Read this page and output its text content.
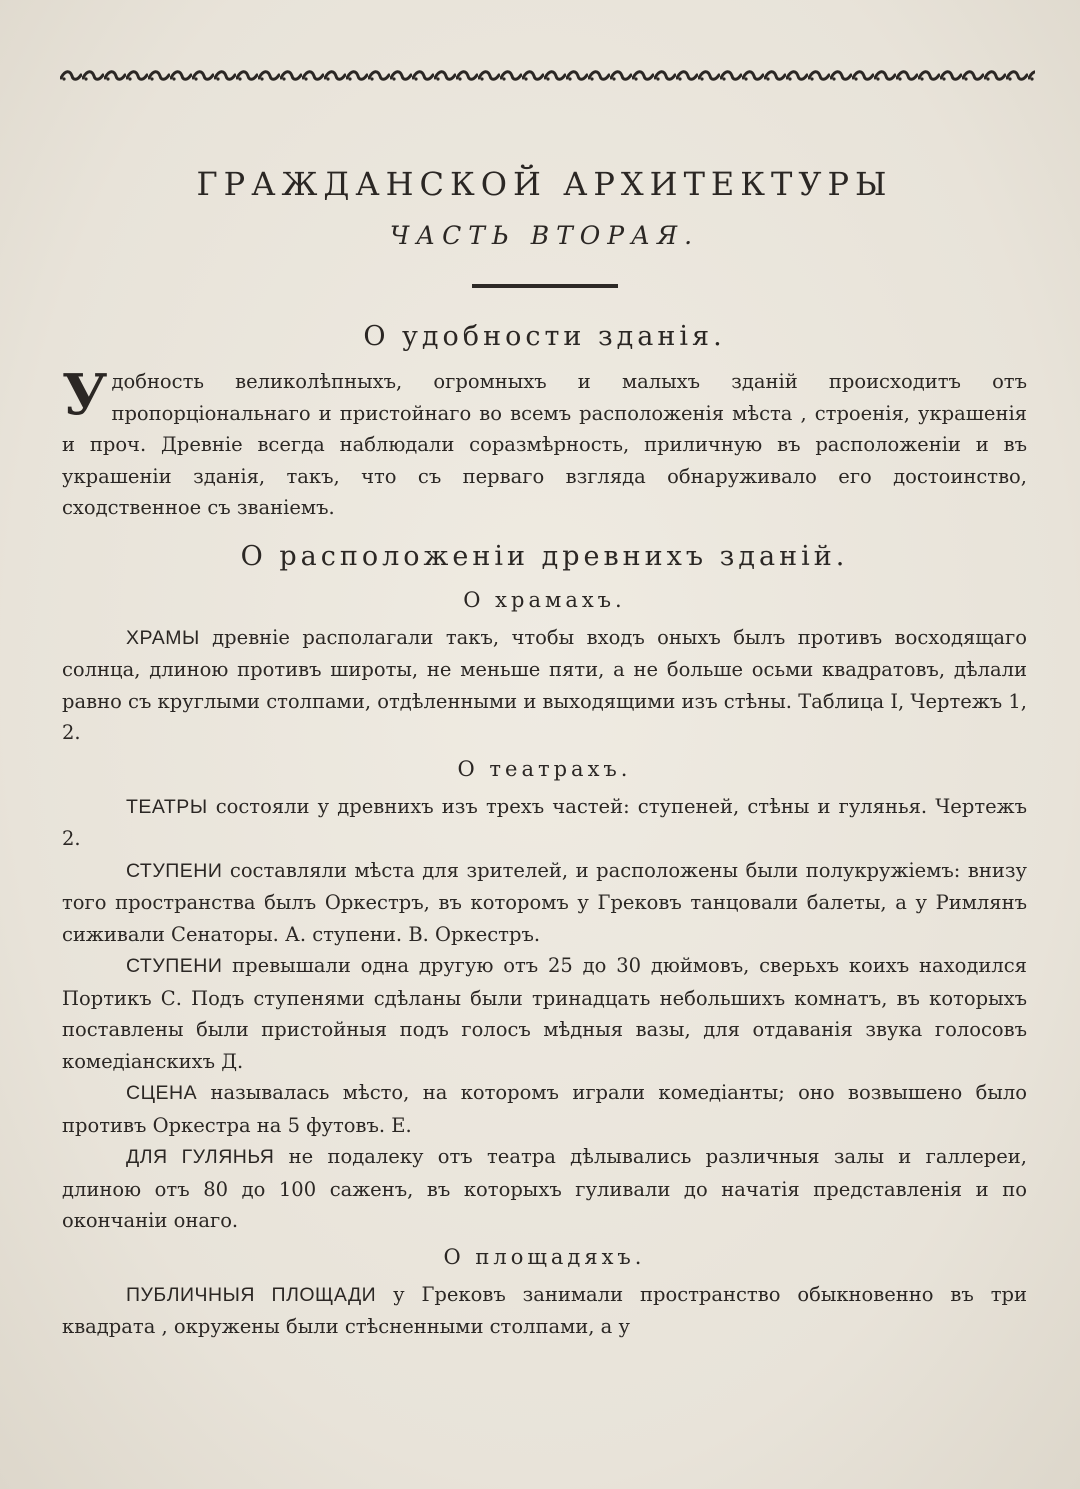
ГРАЖДАНСКОЙ АРХИТЕКТУРЫ
ЧАСТЬ ВТОРАЯ.
О удобности зданія.

Удобность великолѣпныхъ, огромныхъ и малыхъ зданій происходитъ отъ пропорціональнаго и пристойнаго во всемъ расположенія мѣста , строенія, украшенія и проч. Древніе всегда наблюдали соразмѣрность, приличную въ расположеніи и въ украшеніи зданія, такъ, что съ перваго взгляда обнаруживало его достоинство, сходственное съ званіемъ.

О расположеніи древнихъ зданій.
О храмахъ.

ХРАМЫ древніе располагали такъ, чтобы входъ оныхъ былъ противъ восходящаго солнца, длиною противъ широты, не меньше пяти, а не больше осьми квадратовъ, дѣлали равно съ круглыми столпами, отдѣленными и выходящими изъ стѣны. Таблица I, Чертежъ 1, 2.

О театрахъ.

ТЕАТРЫ состояли у древнихъ изъ трехъ частей: ступеней, стѣны и гулянья. Чертежъ 2.

СТУПЕНИ составляли мѣста для зрителей, и расположены были полукружіемъ: внизу того пространства былъ Оркестръ, въ которомъ у Грековъ танцовали балеты, а у Римлянъ сиживали Сенаторы. А. ступени. В. Оркестръ.

СТУПЕНИ превышали одна другую отъ 25 до 30 дюймовъ, сверьхъ коихъ находился Портикъ С. Подъ ступенями сдѣланы были тринадцать небольшихъ комнатъ, въ которыхъ поставлены были пристойныя подъ голосъ мѣдныя вазы, для отдаванія звука голосовъ комедіанскихъ Д.

СЦЕНА называлась мѣсто, на которомъ играли комедіанты; оно возвышено было противъ Оркестра на 5 футовъ. Е.

ДЛЯ ГУЛЯНЬЯ не подалеку отъ театра дѣлывались различныя залы и галлереи, длиною отъ 80 до 100 саженъ, въ которыхъ гуливали до начатія представленія и по окончаніи онаго.

О площадяхъ.

ПУБЛИЧНЫЯ ПЛОЩАДИ у Грековъ занимали пространство обыкновенно въ три квадрата , окружены были стѣсненными столпами, а у
